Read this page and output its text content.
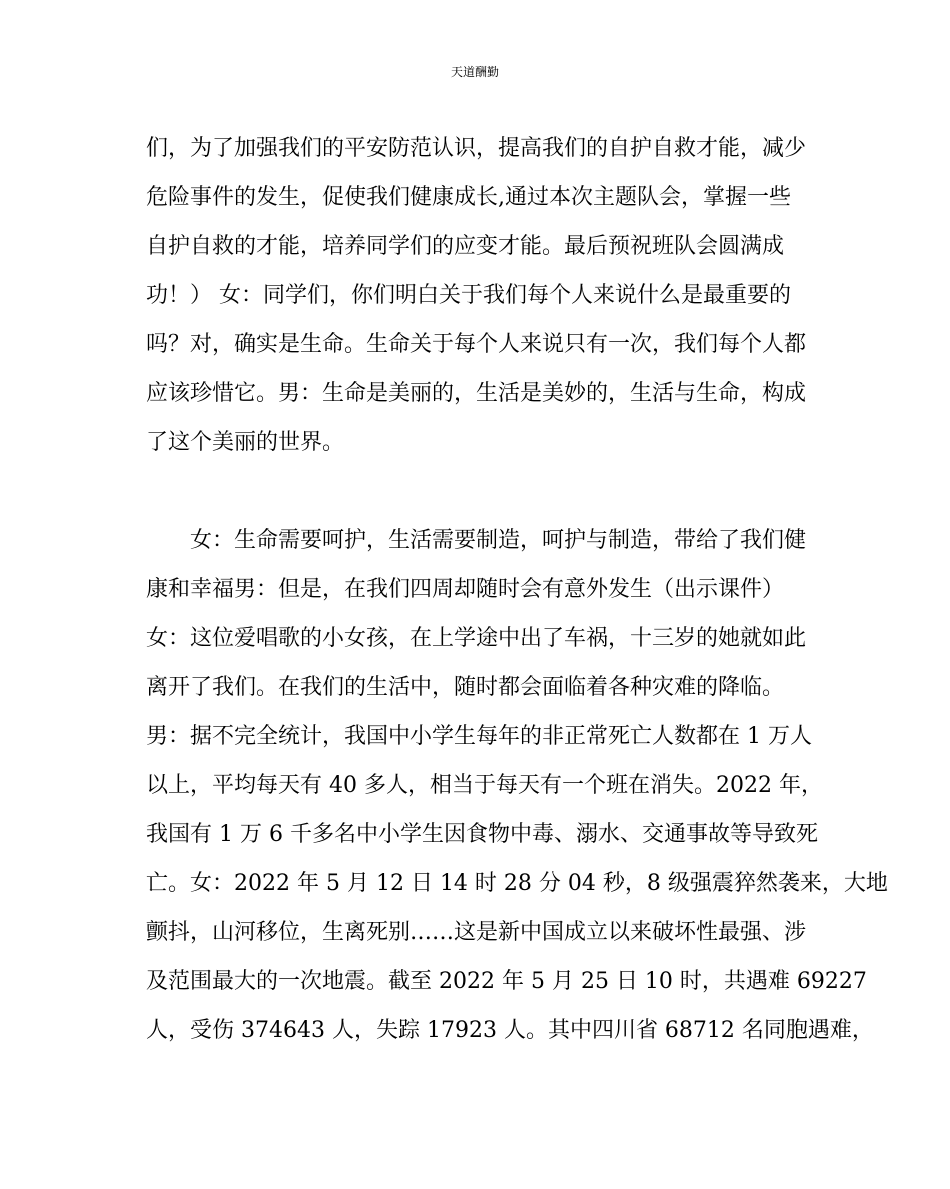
天道酬勤
们，为了加强我们的平安防范认识，提高我们的自护自救才能，减少
危险事件的发生，促使我们健康成长,通过本次主题队会，掌握一些
自护自救的才能，培养同学们的应变才能。最后预祝班队会圆满成
功！） 女：同学们，你们明白关于我们每个人来说什么是最重要的
吗？对，确实是生命。生命关于每个人来说只有一次，我们每个人都
应该珍惜它。男：生命是美丽的，生活是美妙的，生活与生命，构成
了这个美丽的世界。
女：生命需要呵护，生活需要制造，呵护与制造，带给了我们健
康和幸福男：但是，在我们四周却随时会有意外发生（出示课件）
女：这位爱唱歌的小女孩，在上学途中出了车祸，十三岁的她就如此
离开了我们。在我们的生活中，随时都会面临着各种灾难的降临。
男：据不完全统计，我国中小学生每年的非正常死亡人数都在 1 万人
以上，平均每天有 40 多人，相当于每天有一个班在消失。2022 年，
我国有 1 万 6 千多名中小学生因食物中毒、溺水、交通事故等导致死
亡。女：2022 年 5 月 12 日 14 时 28 分 04 秒，8 级强震猝然袭来，大地
颤抖，山河移位，生离死别……这是新中国成立以来破坏性最强、涉
及范围最大的一次地震。截至 2022 年 5 月 25 日 10 时，共遇难 69227
人，受伤 374643 人，失踪 17923 人。其中四川省 68712 名同胞遇难，
